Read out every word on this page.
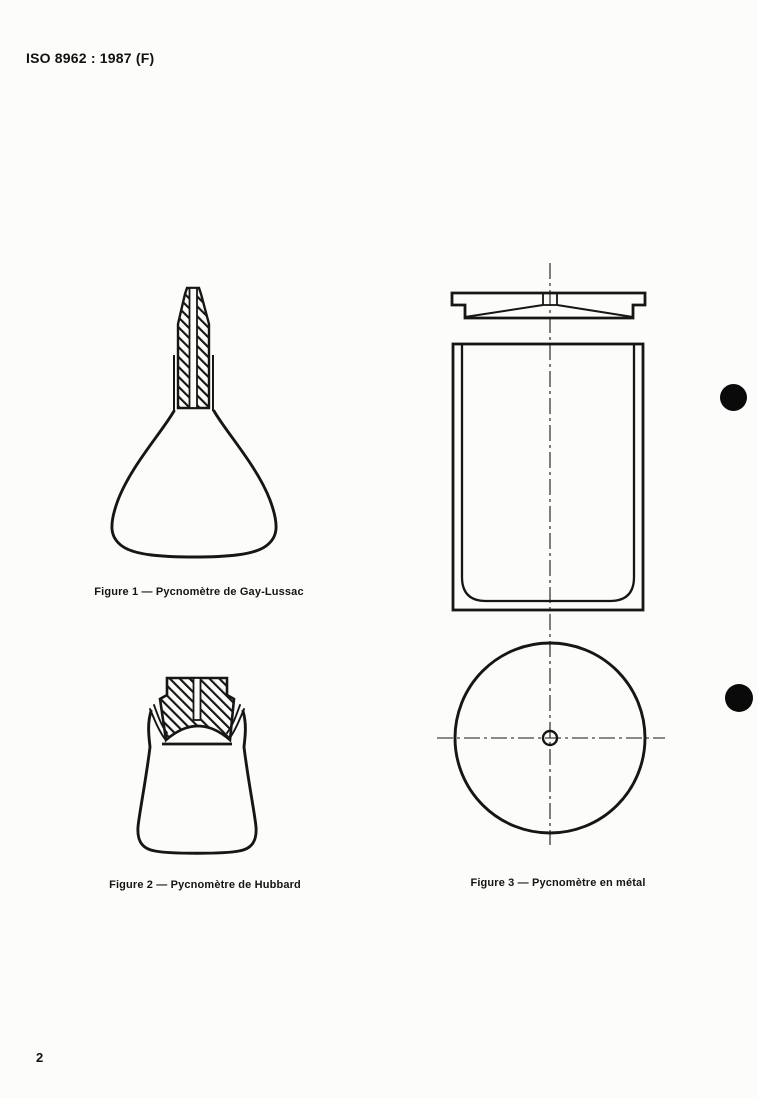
ISO 8962 : 1987 (F)
Figure 1 — Pycnomètre de Gay-Lussac
Figure 2 — Pycnomètre de Hubbard	Figure 3 — Pycnomètre en métal
2
